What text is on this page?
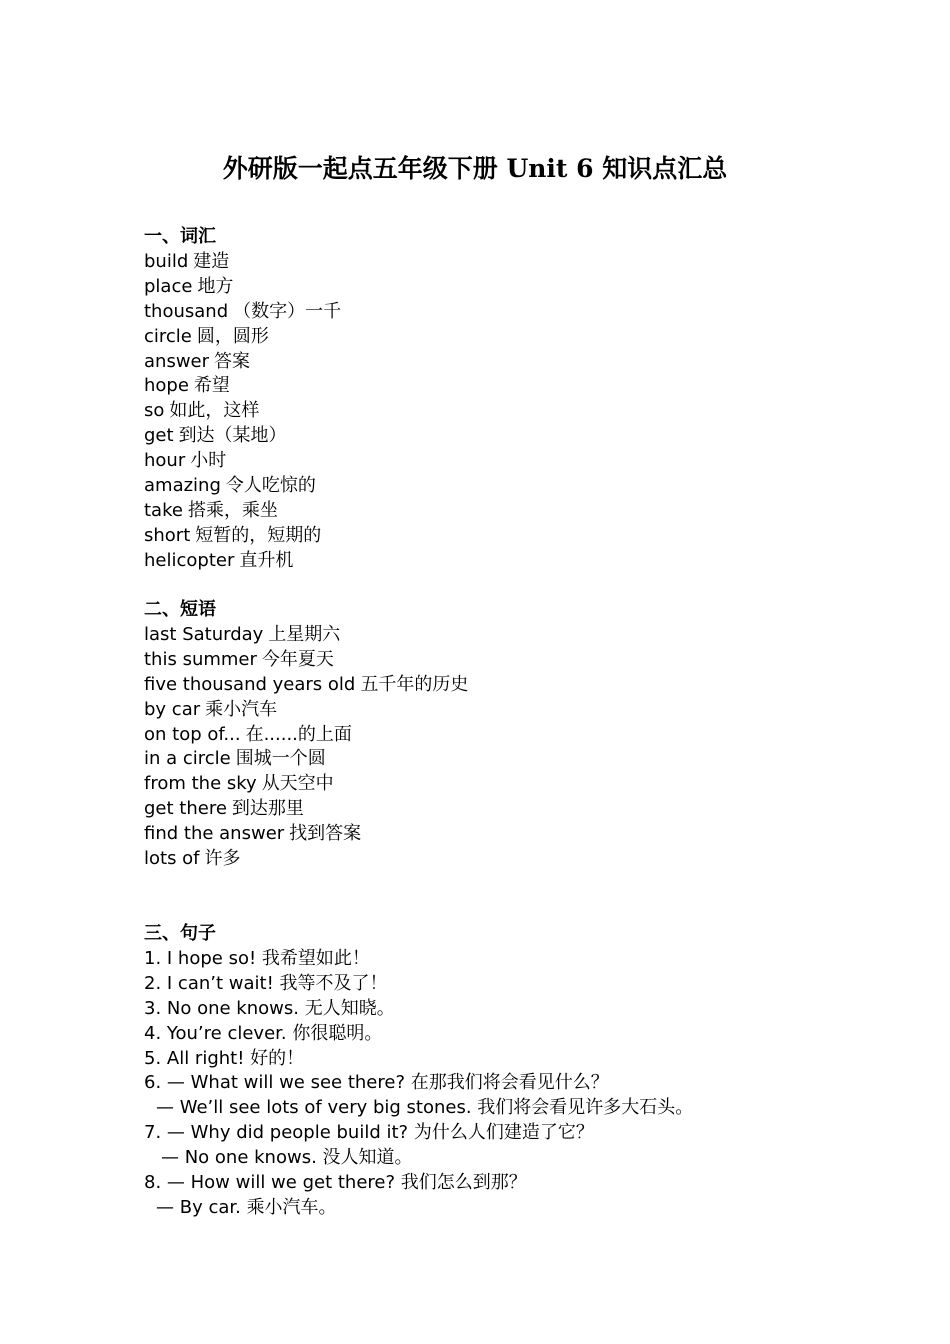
外研版一起点五年级下册 Unit 6 知识点汇总

一、词汇

build 建造

place 地方

thousand （数字）一千

circle 圆，圆形

answer 答案

hope 希望

so 如此，这样

get 到达（某地）

hour 小时

amazing 令人吃惊的

take 搭乘，乘坐

short 短暂的，短期的

helicopter 直升机

二、短语

last Saturday 上星期六

this summer 今年夏天

five thousand years old 五千年的历史

by car 乘小汽车

on top of... 在......的上面

in a circle 围城一个圆

from the sky 从天空中

get there 到达那里

find the answer 找到答案

lots of 许多

三、句子

1. I hope so! 我希望如此！

2. I can’t wait! 我等不及了！

3. No one knows. 无人知晓。

4. You’re clever. 你很聪明。

5. All right! 好的！

6. — What will we see there? 在那我们将会看见什么？

— We’ll see lots of very big stones. 我们将会看见许多大石头。

7. — Why did people build it? 为什么人们建造了它？

— No one knows. 没人知道。

8. — How will we get there? 我们怎么到那？

— By car. 乘小汽车。
